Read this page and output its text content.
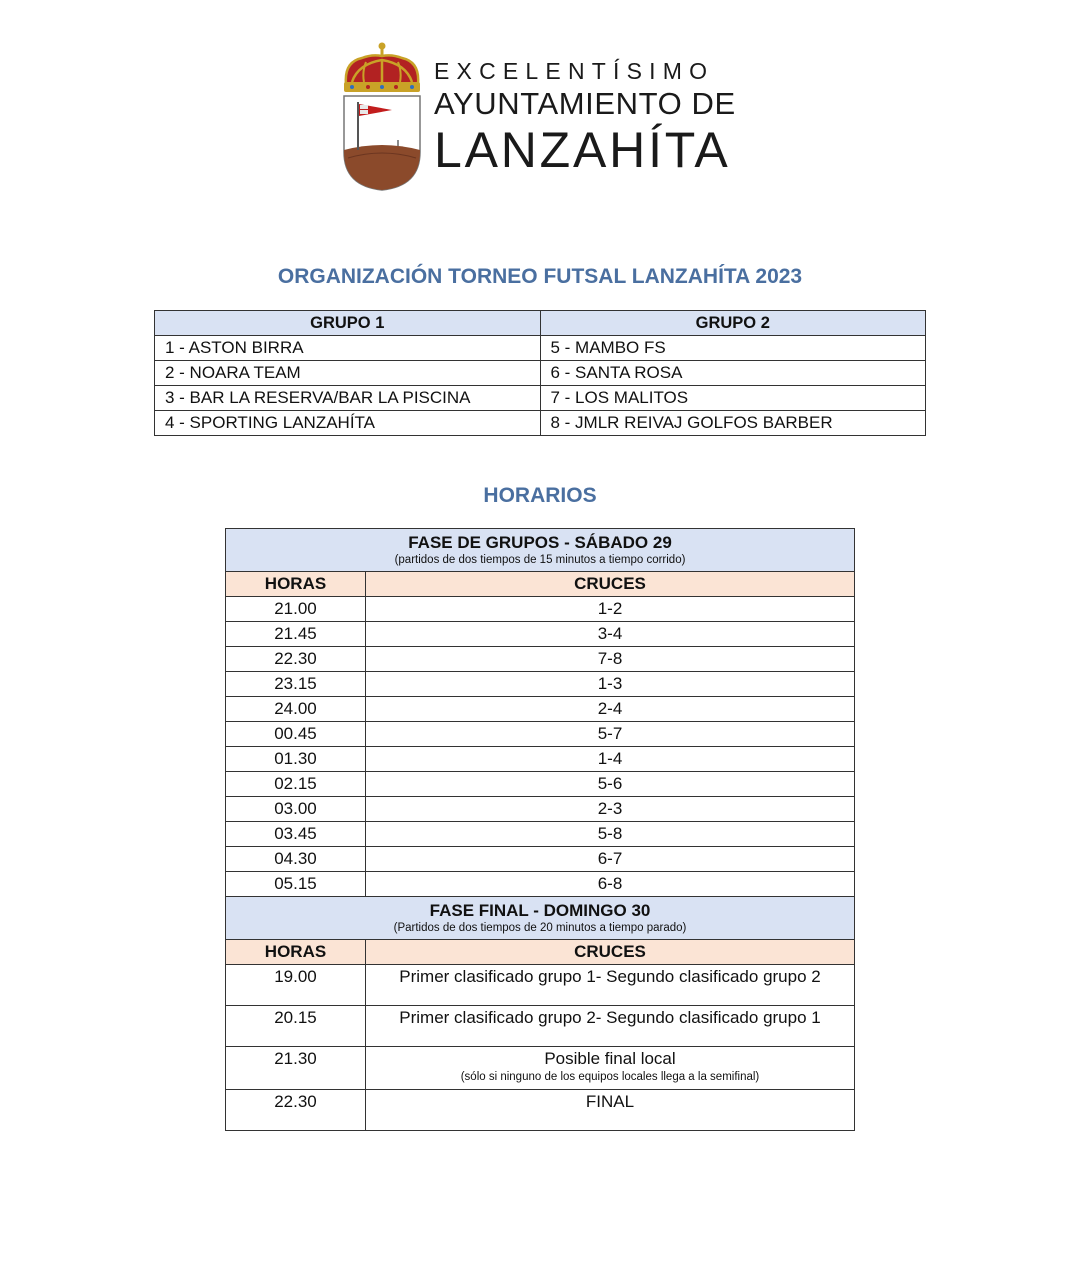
EXCELENTÍSIMO
AYUNTAMIENTO DE
LANZAHÍTA
ORGANIZACIÓN TORNEO FUTSAL LANZAHÍTA 2023
GRUPO 1	GRUPO 2
1 - ASTON BIRRA	5 - MAMBO FS
2 - NOARA TEAM	6 - SANTA ROSA
3 - BAR LA RESERVA/BAR LA PISCINA	7 - LOS MALITOS
4 - SPORTING LANZAHÍTA	8 - JMLR REIVAJ GOLFOS BARBER
HORARIOS
FASE DE GRUPOS - SÁBADO 29
(partidos de dos tiempos de 15 minutos a tiempo corrido)	

HORAS	CRUCES
21.00	1-2
21.45	3-4
22.30	7-8
23.15	1-3
24.00	2-4
00.45	5-7
01.30	1-4
02.15	5-6
03.00	2-3
03.45	5-8
04.30	6-7
05.15	6-8
FASE FINAL - DOMINGO 30
(Partidos de dos tiempos de 20 minutos a tiempo parado)	

HORAS	CRUCES
19.00	Primer clasificado grupo 1- Segundo clasificado grupo 2
20.15	Primer clasificado grupo 2- Segundo clasificado grupo 1
21.30	Posible final local
(sólo si ninguno de los equipos locales llega a la semifinal)

22.30	FINAL
